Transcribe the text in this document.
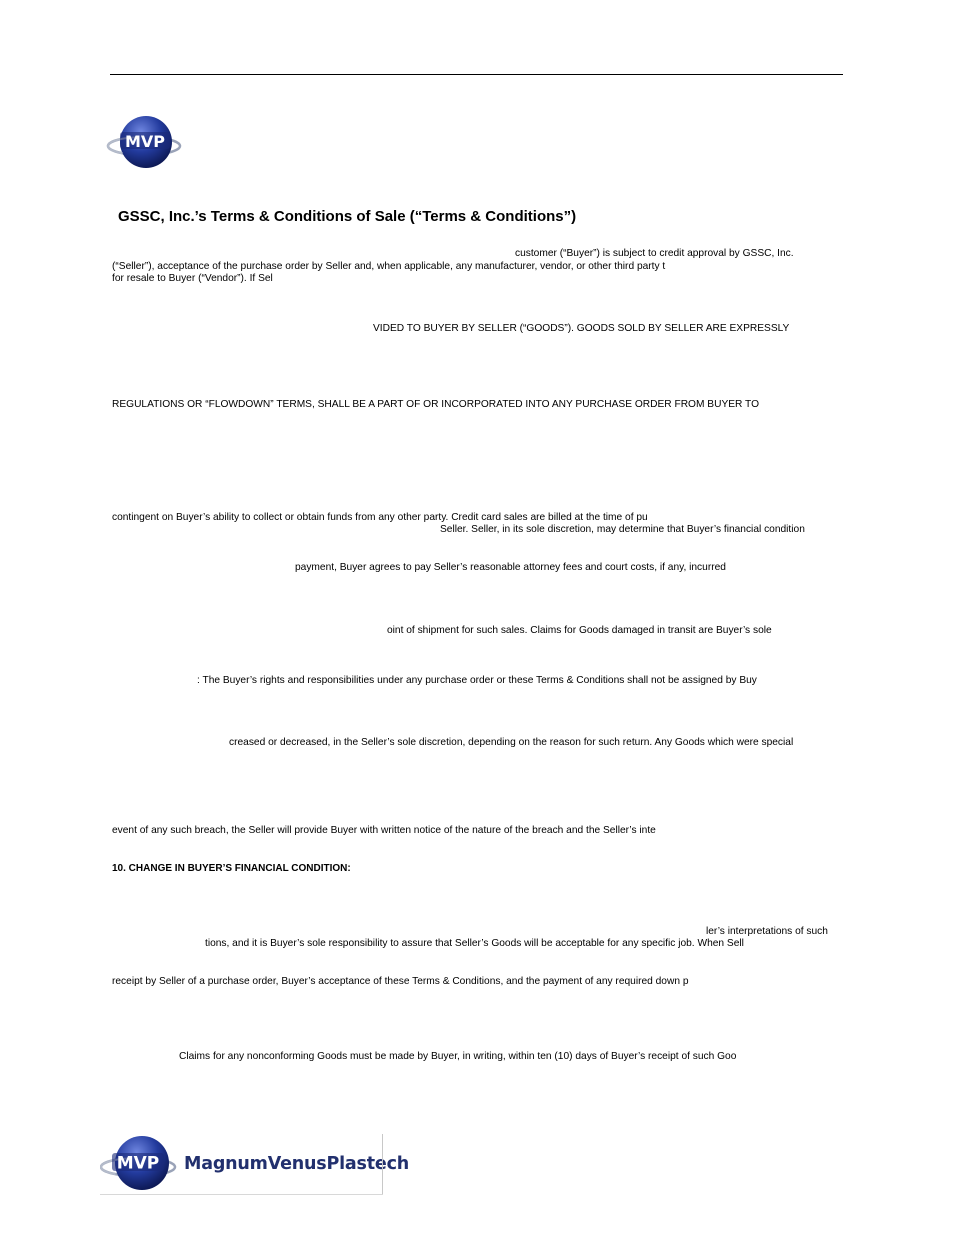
MVP
GSSC, Inc.’s Terms & Conditions of Sale (“Terms & Conditions”)
customer (“Buyer”) is subject to credit approval by GSSC, Inc.
(“Seller”), acceptance of the purchase order by Seller and, when applicable, any manufacturer, vendor, or other third party t
for resale to Buyer (“Vendor”). If Sel
VIDED TO BUYER BY SELLER (“GOODS”). GOODS SOLD BY SELLER ARE EXPRESSLY
REGULATIONS OR “FLOWDOWN” TERMS, SHALL BE A PART OF OR INCORPORATED INTO ANY PURCHASE ORDER FROM BUYER TO
contingent on Buyer’s ability to collect or obtain funds from any other party. Credit card sales are billed at the time of pu
Seller. Seller, in its sole discretion, may determine that Buyer’s financial condition
payment, Buyer agrees to pay Seller’s reasonable attorney fees and court costs, if any, incurred
oint of shipment for such sales. Claims for Goods damaged in transit are Buyer’s sole
: The Buyer’s rights and responsibilities under any purchase order or these Terms & Conditions shall not be assigned by Buy
creased or decreased, in the Seller’s sole discretion, depending on the reason for such return. Any Goods which were special
event of any such breach, the Seller will provide Buyer with written notice of the nature of the breach and the Seller’s inte
10. CHANGE IN BUYER’S FINANCIAL CONDITION:
ler’s interpretations of such
tions, and it is Buyer’s sole responsibility to assure that Seller’s Goods will be acceptable for any specific job. When Sell
receipt by Seller of a purchase order, Buyer’s acceptance of these Terms & Conditions, and the payment of any required down p
Claims for any nonconforming Goods must be made by Buyer, in writing, within ten (10) days of Buyer’s receipt of such Goo
MVP MagnumVenusPlastech
